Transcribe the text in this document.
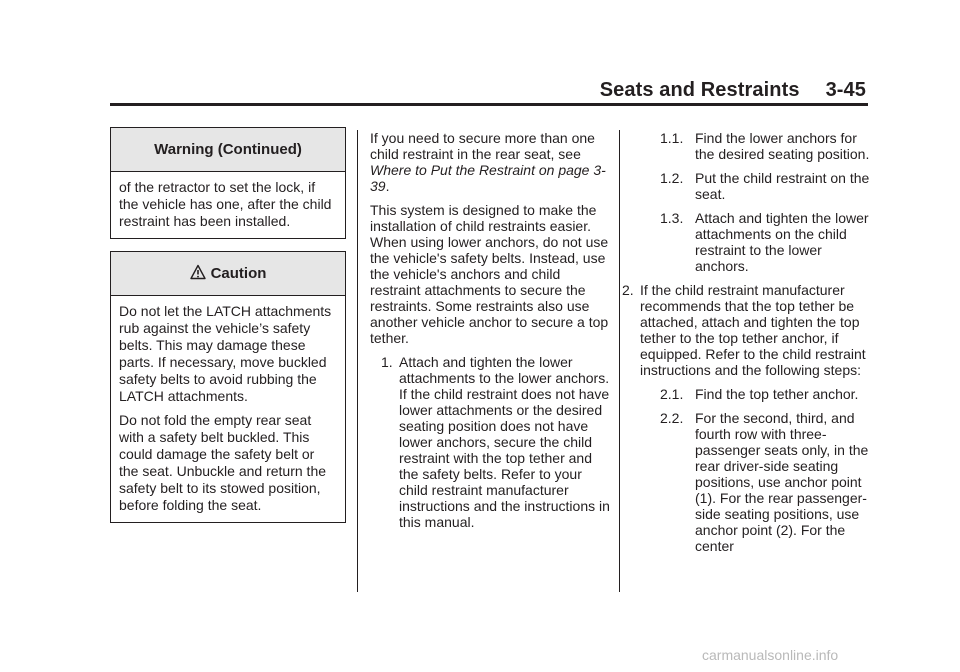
Seats and Restraints 3-45
Warning (Continued)

of the retractor to set the lock, if the vehicle has one, after the child restraint has been installed.

Caution

Do not let the LATCH attachments rub against the vehicle’s safety belts. This may damage these parts. If necessary, move buckled safety belts to avoid rubbing the LATCH attachments.

Do not fold the empty rear seat with a safety belt buckled. This could damage the safety belt or the seat. Unbuckle and return the safety belt to its stowed position, before folding the seat.

If you need to secure more than one child restraint in the rear seat, see Where to Put the Restraint on page 3-39.

This system is designed to make the installation of child restraints easier. When using lower anchors, do not use the vehicle's safety belts. Instead, use the vehicle's anchors and child restraint attachments to secure the restraints. Some restraints also use another vehicle anchor to secure a top tether.

1. Attach and tighten the lower attachments to the lower anchors. If the child restraint does not have lower attachments or the desired seating position does not have lower anchors, secure the child restraint with the top tether and the safety belts. Refer to your child restraint manufacturer instructions and the instructions in this manual.
1.1. Find the lower anchors for the desired seating position.
1.2. Put the child restraint on the seat.
1.3. Attach and tighten the lower attachments on the child restraint to the lower anchors.
2. If the child restraint manufacturer recommends that the top tether be attached, attach and tighten the top tether to the top tether anchor, if equipped. Refer to the child restraint instructions and the following steps:
2.1. Find the top tether anchor.
2.2. For the second, third, and fourth row with three-passenger seats only, in the rear driver-side seating positions, use anchor point (1). For the rear passenger-side seating positions, use anchor point (2). For the center
carmanualsonline.info
